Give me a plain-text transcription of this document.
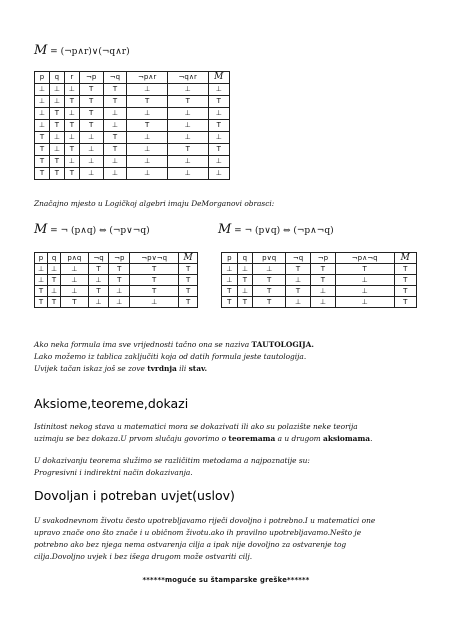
M = (¬p∧r)∨(¬q∧r)
p	q	r	¬p	¬q	¬p∧r	¬q∧r	M
⊥	⊥	⊥	T	T	⊥	⊥	⊥
⊥	⊥	T	T	T	T	T	T
⊥	T	⊥	T	⊥	⊥	⊥	⊥
⊥	T	T	T	⊥	T	⊥	T
T	⊥	⊥	⊥	T	⊥	⊥	⊥
T	⊥	T	⊥	T	⊥	T	T
T	T	⊥	⊥	⊥	⊥	⊥	⊥
T	T	T	⊥	⊥	⊥	⊥	⊥
Značajno mjesto u Logičkoj algebri imaju DeMorganovi obrasci:
M = ¬ (p∧q) ⇔ (¬p∨¬q)	M = ¬ (p∨q) ⇔ (¬p∧¬q)
p	q	p∧q	¬q	¬p	¬p∨¬q	M
⊥	⊥	⊥	T	T	T	T
⊥	T	⊥	⊥	T	T	T
T	⊥	⊥	T	⊥	T	T
T	T	T	⊥	⊥	⊥	T
p	q	p∨q	¬q	¬p	¬p∧¬q	M
⊥	⊥	⊥	T	T	T	T
⊥	T	T	⊥	T	⊥	T
T	⊥	T	T	⊥	⊥	T
T	T	T	⊥	⊥	⊥	T
Ako neka formula ima sve vrijednosti tačno ona se naziva TAUTOLOGIJA.
Lako možemo iz tablica zaključiti koja od datih formula jeste tautologija.
Uvijek tačan iskaz još se zove tvrdnja ili stav.
Aksiome,teoreme,dokazi
Istinitost nekog stava u matematici mora se dokazivati ili ako su polazište neke teorija
uzimaju se bez dokaza.U prvom slučaju govorimo o teoremama a u drugom aksiomama.
U dokazivanju teorema služimo se različitim metodama a najpoznatije su:
Progresivni i indirektni način dokazivanja.
Dovoljan i potreban uvjet(uslov)
U svakodnevnom životu često upotrebljavamo riječi dovoljno i potrebno.I u matematici one
upravo znače ono što znače i u običnom životu.ako ih pravilno upotrebljavamo.Nešto je
potrebno ako bez njega nema ostvarenja cilja a ipak nije dovoljno za ostvarenje tog
cilja.Dovoljno uvjek i bez išega drugom može ostvariti cilj.
******moguće su štamparske greške******
